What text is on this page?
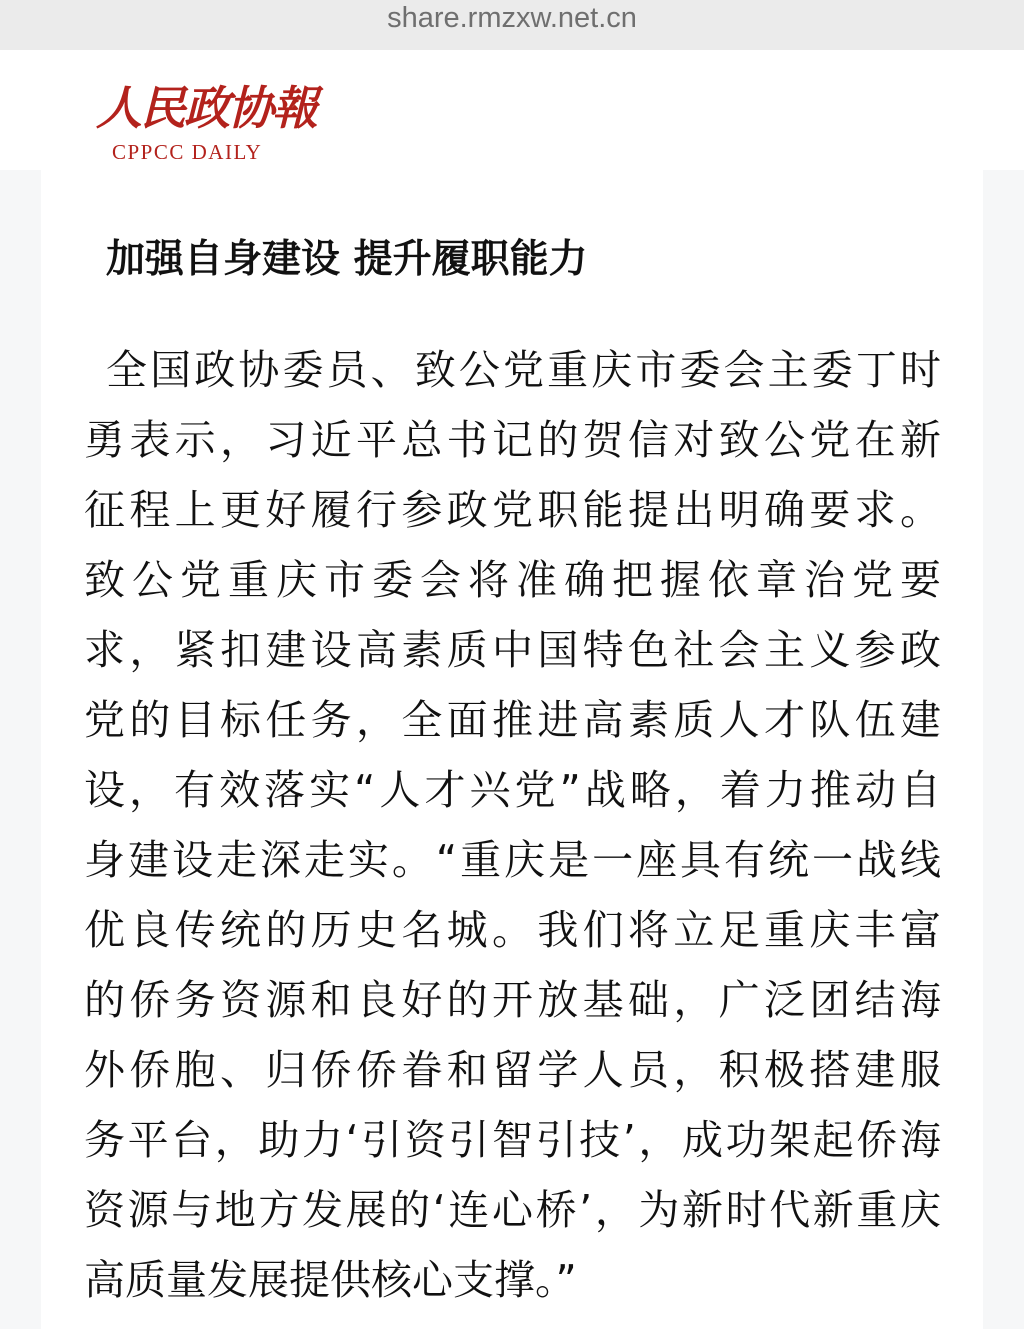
share.rmzxw.net.cn
人民政协報
CPPCC DAILY
加强自身建设 提升履职能力
全国政协委员、致公党重庆市委会主委丁时
勇表示，习近平总书记的贺信对致公党在新
征程上更好履行参政党职能提出明确要求。
致公党重庆市委会将准确把握依章治党要
求，紧扣建设高素质中国特色社会主义参政
党的目标任务，全面推进高素质人才队伍建
设，有效落实“人才兴党”战略，着力推动自
身建设走深走实。“重庆是一座具有统一战线
优良传统的历史名城。我们将立足重庆丰富
的侨务资源和良好的开放基础，广泛团结海
外侨胞、归侨侨眷和留学人员，积极搭建服
务平台，助力‘引资引智引技’，成功架起侨海
资源与地方发展的‘连心桥’，为新时代新重庆
高质量发展提供核心支撑。”
